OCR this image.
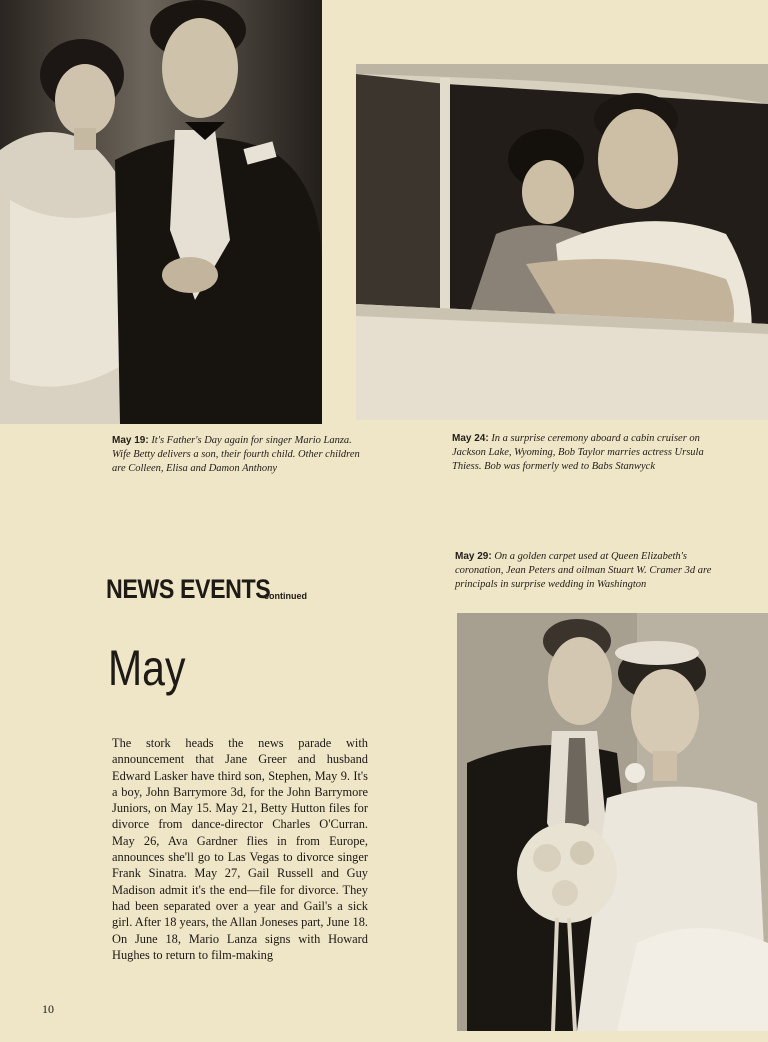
May 19: It's Father's Day again for singer Mario Lanza. Wife Betty delivers a son, their fourth child. Other children are Colleen, Elisa and Damon Anthony
May 24: In a surprise ceremony aboard a cabin cruiser on Jackson Lake, Wyoming, Bob Taylor marries actress Ursula Thiess. Bob was formerly wed to Babs Stanwyck
May 29: On a golden carpet used at Queen Elizabeth's coronation, Jean Peters and oilman Stuart W. Cramer 3d are principals in surprise wedding in Washington
NEWS EVENTS
continued
May
The stork heads the news parade with announcement that Jane Greer and husband Edward Lasker have third son, Stephen, May 9. It's a boy, John Barrymore 3d, for the John Barrymore Juniors, on May 15. May 21, Betty Hutton files for divorce from dance-director Charles O'Curran. May 26, Ava Gardner flies in from Europe, announces she'll go to Las Vegas to divorce singer Frank Sinatra. May 27, Gail Russell and Guy Madison admit it's the end—file for divorce. They had been separated over a year and Gail's a sick girl. After 18 years, the Allan Joneses part, June 18. On June 18, Mario Lanza signs with Howard Hughes to return to film-making
10
